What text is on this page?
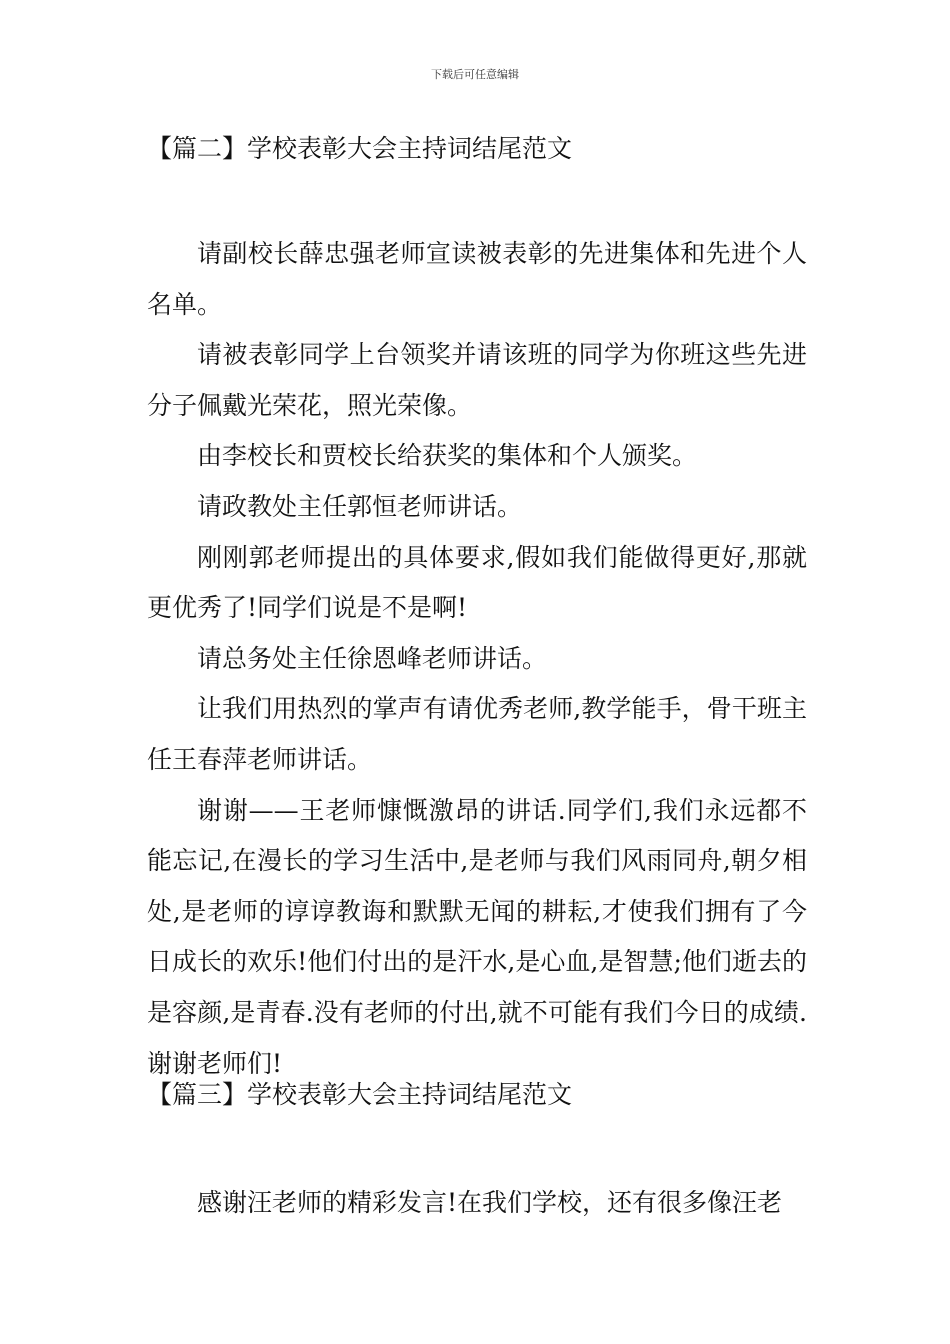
下载后可任意编辑
【篇二】学校表彰大会主持词结尾范文

请副校长薛忠强老师宣读被表彰的先进集体和先进个人名单。

请被表彰同学上台领奖并请该班的同学为你班这些先进分子佩戴光荣花，照光荣像。

由李校长和贾校长给获奖的集体和个人颁奖。

请政教处主任郭恒老师讲话。

刚刚郭老师提出的具体要求,假如我们能做得更好,那就更优秀了!同学们说是不是啊!

请总务处主任徐恩峰老师讲话。

让我们用热烈的掌声有请优秀老师,教学能手，骨干班主任王春萍老师讲话。

谢谢——王老师慷慨激昂的讲话.同学们,我们永远都不能忘记,在漫长的学习生活中,是老师与我们风雨同舟,朝夕相处,是老师的谆谆教诲和默默无闻的耕耘,才使我们拥有了今日成长的欢乐!他们付出的是汗水,是心血,是智慧;他们逝去的是容颜,是青春.没有老师的付出,就不可能有我们今日的成绩.谢谢老师们!

【篇三】学校表彰大会主持词结尾范文

感谢汪老师的精彩发言!在我们学校，还有很多像汪老
